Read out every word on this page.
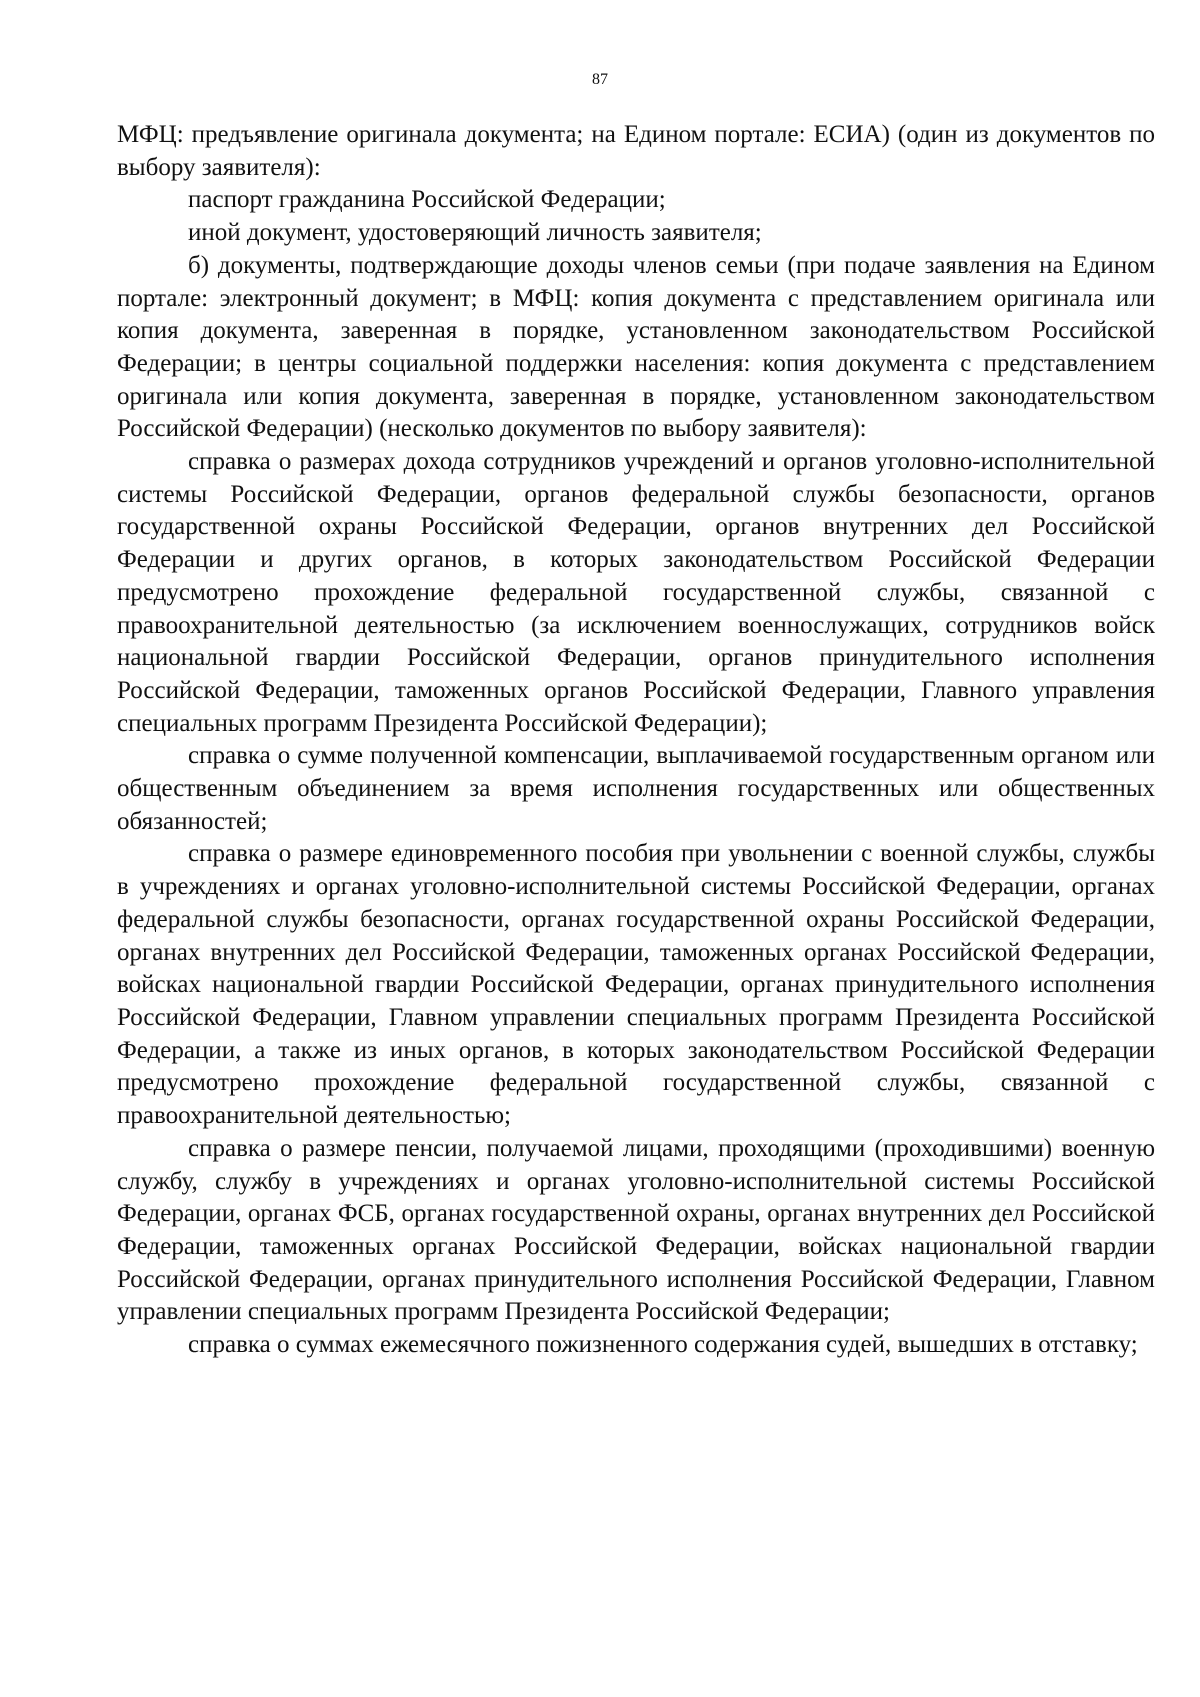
87

МФЦ: предъявление оригинала документа; на Едином портале: ЕСИА) (один из документов по выбору заявителя):

паспорт гражданина Российской Федерации;

иной документ, удостоверяющий личность заявителя;

б) документы, подтверждающие доходы членов семьи (при подаче заявления на Едином портале: электронный документ; в МФЦ: копия документа с представлением оригинала или копия документа, заверенная в порядке, установленном законодательством Российской Федерации; в центры социальной поддержки населения: копия документа с представлением оригинала или копия документа, заверенная в порядке, установленном законодательством Российской Федерации) (несколько документов по выбору заявителя):

справка о размерах дохода сотрудников учреждений и органов уголовно-исполнительной системы Российской Федерации, органов федеральной службы безопасности, органов государственной охраны Российской Федерации, органов внутренних дел Российской Федерации и других органов, в которых законодательством Российской Федерации предусмотрено прохождение федеральной государственной службы, связанной с правоохранительной деятельностью (за исключением военнослужащих, сотрудников войск национальной гвардии Российской Федерации, органов принудительного исполнения Российской Федерации, таможенных органов Российской Федерации, Главного управления специальных программ Президента Российской Федерации);

справка о сумме полученной компенсации, выплачиваемой государственным органом или общественным объединением за время исполнения государственных или общественных обязанностей;

справка о размере единовременного пособия при увольнении с военной службы, службы в учреждениях и органах уголовно-исполнительной системы Российской Федерации, органах федеральной службы безопасности, органах государственной охраны Российской Федерации, органах внутренних дел Российской Федерации, таможенных органах Российской Федерации, войсках национальной гвардии Российской Федерации, органах принудительного исполнения Российской Федерации, Главном управлении специальных программ Президента Российской Федерации, а также из иных органов, в которых законодательством Российской Федерации предусмотрено прохождение федеральной государственной службы, связанной с правоохранительной деятельностью;

справка о размере пенсии, получаемой лицами, проходящими (проходившими) военную службу, службу в учреждениях и органах уголовно-исполнительной системы Российской Федерации, органах ФСБ, органах государственной охраны, органах внутренних дел Российской Федерации, таможенных органах Российской Федерации, войсках национальной гвардии Российской Федерации, органах принудительного исполнения Российской Федерации, Главном управлении специальных программ Президента Российской Федерации;

справка о суммах ежемесячного пожизненного содержания судей, вышедших в отставку;
